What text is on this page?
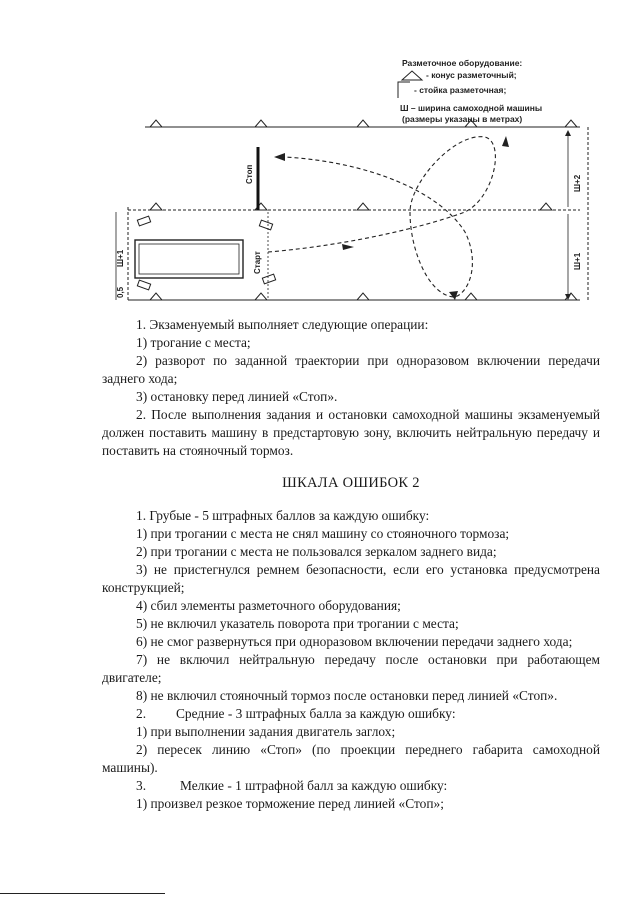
Разметочное оборудование:
- конус разметочный;
- стойка разметочная;
Ш – ширина самоходной машины
(размеры указаны в метрах)
Ш+1
0,5
Ш+2
Ш+1
Стоп
Старт

1. Экзаменуемый выполняет следующие операции:

1) трогание с места;

2) разворот по заданной траектории при одноразовом включении передачи заднего хода;

3) остановку перед линией «Стоп».

2. После выполнения задания и остановки самоходной машины экзаменуемый должен поставить машину в предстартовую зону, включить нейтральную передачу и поставить на стояночный тормоз.

ШКАЛА ОШИБОК 2

1. Грубые - 5 штрафных баллов за каждую ошибку:

1) при трогании с места не снял машину со стояночного тормоза;

2) при трогании с места не пользовался зеркалом заднего вида;

3) не пристегнулся ремнем безопасности, если его установка предусмотрена конструкцией;

4) сбил элементы разметочного оборудования;

5) не включил указатель поворота при трогании с места;

6) не смог развернуться при одноразовом включении передачи заднего хода;

7) не включил нейтральную передачу после остановки при работающем двигателе;

8) не включил стояночный тормоз после остановки перед линией «Стоп».

2.	Средние - 3 штрафных балла за каждую ошибку:

1) при выполнении задания двигатель заглох;

2) пересек линию «Стоп» (по проекции переднего габарита самоходной машины).

3.	Мелкие - 1 штрафной балл за каждую ошибку:

1) произвел резкое торможение перед линией «Стоп»;
